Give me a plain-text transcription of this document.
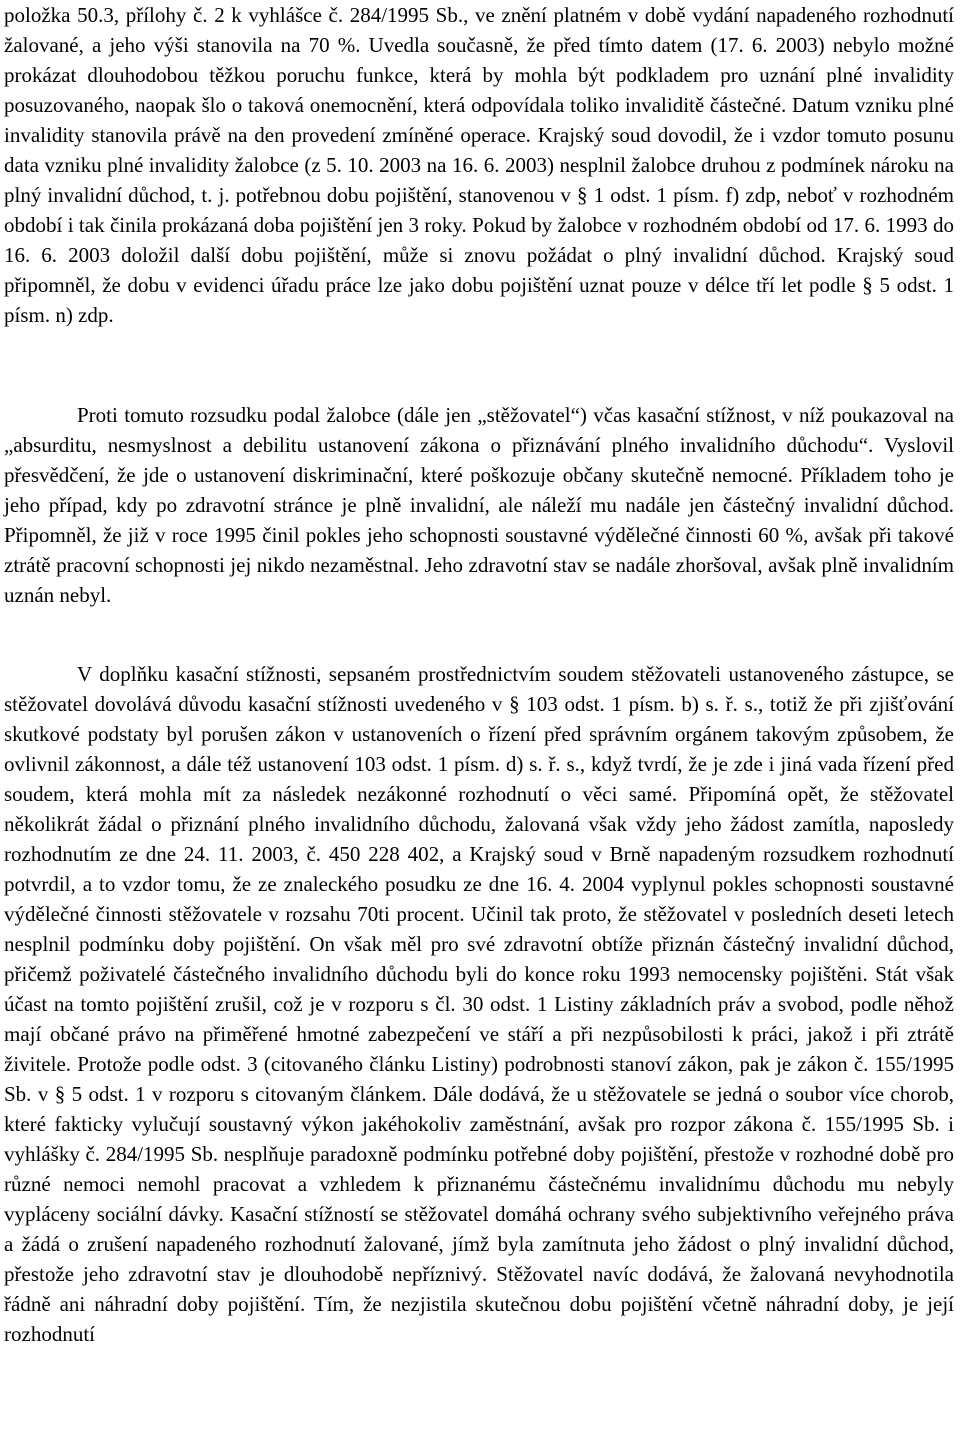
položka 50.3, přílohy č. 2 k vyhlášce č. 284/1995 Sb., ve znění platném v době vydání napadeného rozhodnutí žalované, a jeho výši stanovila na 70 %. Uvedla současně, že před tímto datem (17. 6. 2003) nebylo možné prokázat dlouhodobou těžkou poruchu funkce, která by mohla být podkladem pro uznání plné invalidity posuzovaného, naopak šlo o taková onemocnění, která odpovídala toliko invaliditě částečné. Datum vzniku plné invalidity stanovila právě na den provedení zmíněné operace. Krajský soud dovodil, že i vzdor tomuto posunu data vzniku plné invalidity žalobce (z 5. 10. 2003 na 16. 6. 2003) nesplnil žalobce druhou z podmínek nároku na plný invalidní důchod, t. j. potřebnou dobu pojištění, stanovenou v § 1 odst. 1 písm. f) zdp, neboť v rozhodném období i tak činila prokázaná doba pojištění jen 3 roky. Pokud by žalobce v rozhodném období od 17. 6. 1993 do 16. 6. 2003 doložil další dobu pojištění, může si znovu požádat o plný invalidní důchod. Krajský soud připomněl, že dobu v evidenci úřadu práce lze jako dobu pojištění uznat pouze v délce tří let podle § 5 odst. 1 písm. n) zdp.

Proti tomuto rozsudku podal žalobce (dále jen „stěžovatel“) včas kasační stížnost, v níž poukazoval na „absurditu, nesmyslnost a debilitu ustanovení zákona o přiznávání plného invalidního důchodu“. Vyslovil přesvědčení, že jde o ustanovení diskriminační, které poškozuje občany skutečně nemocné. Příkladem toho je jeho případ, kdy po zdravotní stránce je plně invalidní, ale náleží mu nadále jen částečný invalidní důchod. Připomněl, že již v roce 1995 činil pokles jeho schopnosti soustavné výdělečné činnosti 60 %, avšak při takové ztrátě pracovní schopnosti jej nikdo nezaměstnal. Jeho zdravotní stav se nadále zhoršoval, avšak plně invalidním uznán nebyl.

V doplňku kasační stížnosti, sepsaném prostřednictvím soudem stěžovateli ustanoveného zástupce, se stěžovatel dovolává důvodu kasační stížnosti uvedeného v § 103 odst. 1 písm. b) s. ř. s., totiž že při zjišťování skutkové podstaty byl porušen zákon v ustanoveních o řízení před správním orgánem takovým způsobem, že ovlivnil zákonnost, a dále též ustanovení 103 odst. 1 písm. d) s. ř. s., když tvrdí, že je zde i jiná vada řízení před soudem, která mohla mít za následek nezákonné rozhodnutí o věci samé. Připomíná opět, že stěžovatel několikrát žádal o přiznání plného invalidního důchodu, žalovaná však vždy jeho žádost zamítla, naposledy rozhodnutím ze dne 24. 11. 2003, č. 450 228 402, a Krajský soud v Brně napadeným rozsudkem rozhodnutí potvrdil, a to vzdor tomu, že ze znaleckého posudku ze dne 16. 4. 2004 vyplynul pokles schopnosti soustavné výdělečné činnosti stěžovatele v rozsahu 70ti procent. Učinil tak proto, že stěžovatel v posledních deseti letech nesplnil podmínku doby pojištění. On však měl pro své zdravotní obtíže přiznán částečný invalidní důchod, přičemž poživatelé částečného invalidního důchodu byli do konce roku 1993 nemocensky pojištěni. Stát však účast na tomto pojištění zrušil, což je v rozporu s čl. 30 odst. 1 Listiny základních práv a svobod, podle něhož mají občané právo na přiměřené hmotné zabezpečení ve stáří a při nezpůsobilosti k práci, jakož i při ztrátě živitele. Protože podle odst. 3 (citovaného článku Listiny) podrobnosti stanoví zákon, pak je zákon č. 155/1995 Sb. v § 5 odst. 1 v rozporu s citovaným článkem. Dále dodává, že u stěžovatele se jedná o soubor více chorob, které fakticky vylučují soustavný výkon jakéhokoliv zaměstnání, avšak pro rozpor zákona č. 155/1995 Sb. i vyhlášky č. 284/1995 Sb. nesplňuje paradoxně podmínku potřebné doby pojištění, přestože v rozhodné době pro různé nemoci nemohl pracovat a vzhledem k přiznanému částečnému invalidnímu důchodu mu nebyly vypláceny sociální dávky. Kasační stížností se stěžovatel domáhá ochrany svého subjektivního veřejného práva a žádá o zrušení napadeného rozhodnutí žalované, jímž byla zamítnuta jeho žádost o plný invalidní důchod, přestože jeho zdravotní stav je dlouhodobě nepříznivý. Stěžovatel navíc dodává, že žalovaná nevyhodnotila řádně ani náhradní doby pojištění. Tím, že nezjistila skutečnou dobu pojištění včetně náhradní doby, je její rozhodnutí
